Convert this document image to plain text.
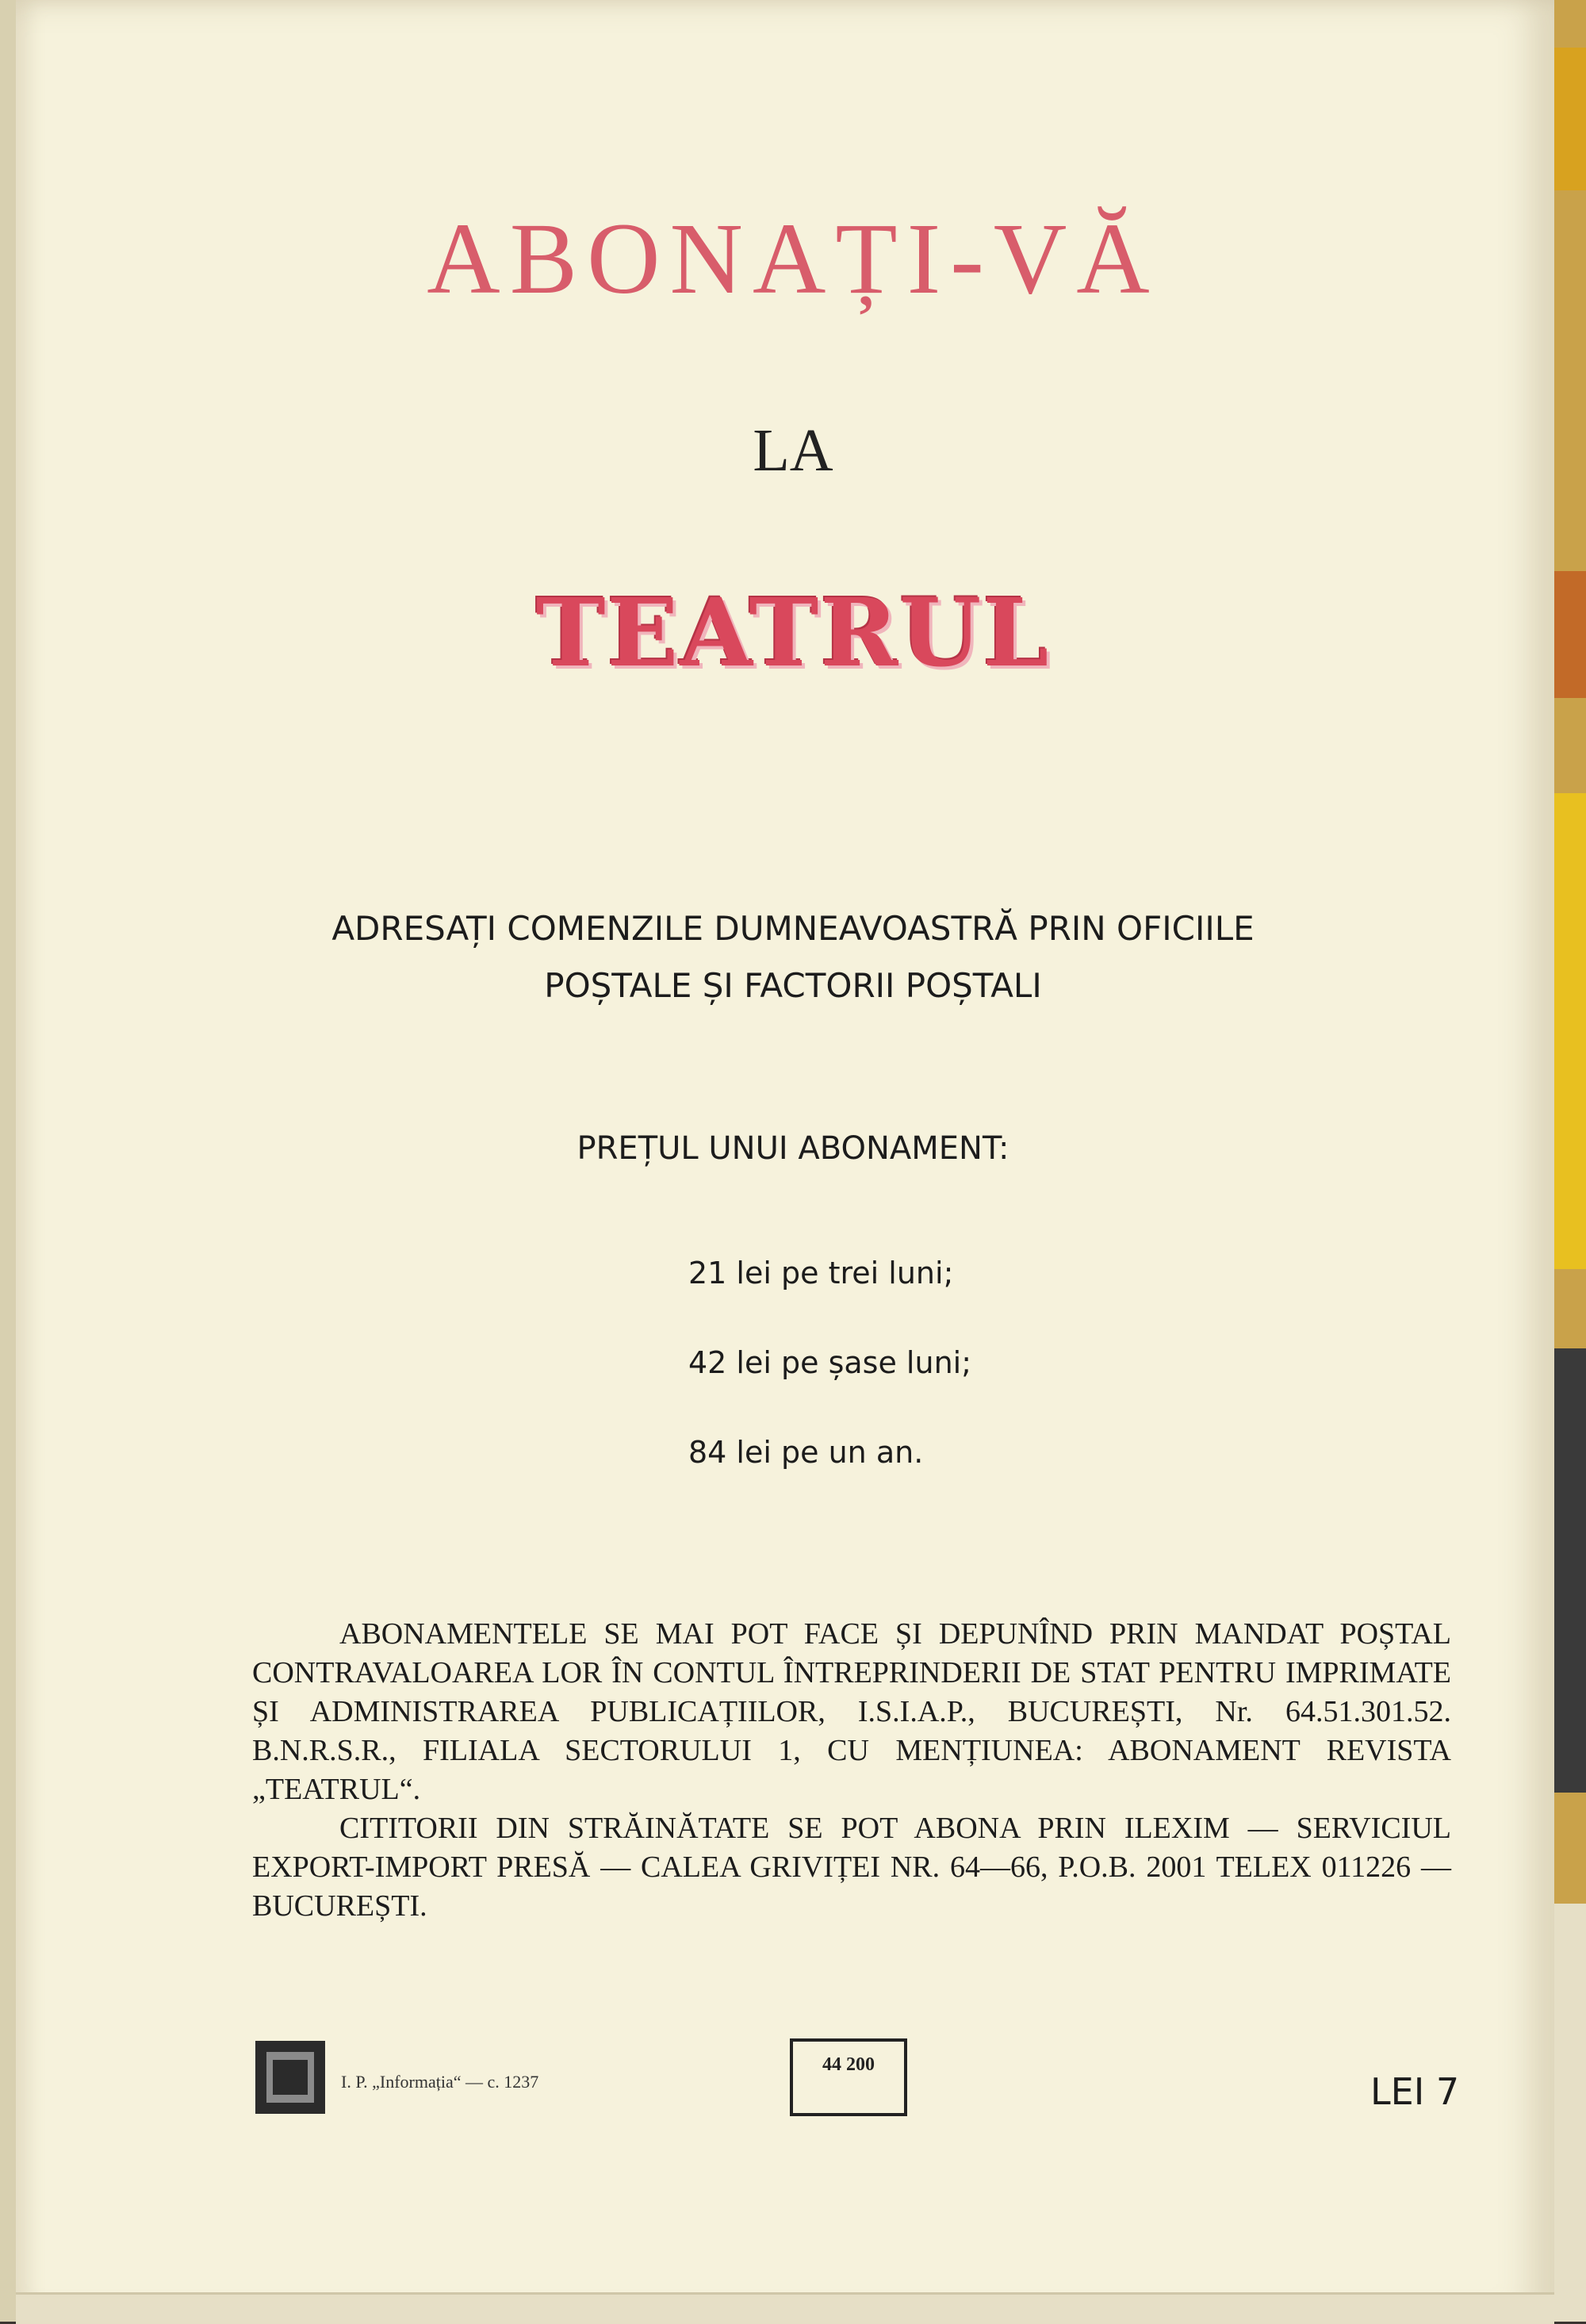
ABONAȚI-VĂ
LA
TEATRUL
ADRESAȚI COMENZILE DUMNEAVOASTRĂ PRIN OFICIILE
POȘTALE ȘI FACTORII POȘTALI
PREȚUL UNUI ABONAMENT:
21 lei pe trei luni;
42 lei pe șase luni;
84 lei pe un an.

ABONAMENTELE SE MAI POT FACE ȘI DEPUNÎND PRIN MANDAT POȘTAL CONTRAVALOAREA LOR ÎN CONTUL ÎNTREPRINDERII DE STAT PENTRU IMPRIMATE ȘI ADMINISTRAREA PUBLICAȚIILOR, I.S.I.A.P., BUCUREȘTI, Nr. 64.51.301.52. B.N.R.S.R., FILIALA SECTORULUI 1, CU MENȚIUNEA: ABONAMENT REVISTA „TEATRUL“.

CITITORII DIN STRĂINĂTATE SE POT ABONA PRIN ILEXIM — SERVICIUL EXPORT-IMPORT PRESĂ — CALEA GRIVIȚEI NR. 64—66, P.O.B. 2001 TELEX 011226 — BUCUREȘTI.

I. P. „Informația“ — c. 1237
44 200
LEI 7
